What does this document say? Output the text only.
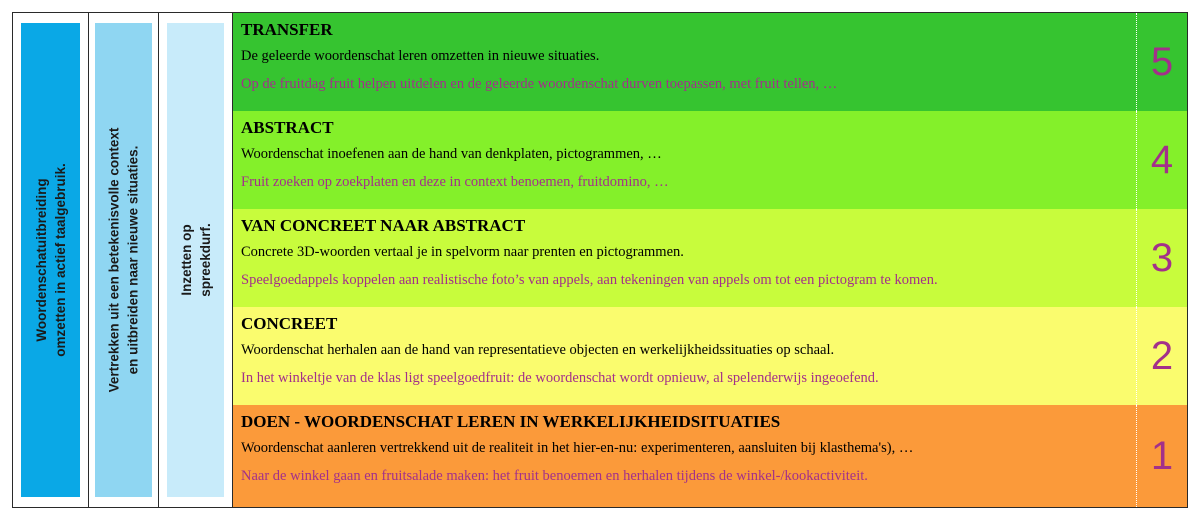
Woordenschatuitbreiding
omzetten in actief taalgebruik.
Vertrekken uit een betekenisvolle context
en uitbreiden naar nieuwe situaties.
Inzetten op
spreekdurf.
TRANSFER
De geleerde woordenschat leren omzetten in nieuwe situaties.
Op de fruitdag fruit helpen uitdelen en de geleerde woordenschat durven toepassen, met fruit tellen, …
5
ABSTRACT
Woordenschat inoefenen aan de hand van denkplaten, pictogrammen, …
Fruit zoeken op zoekplaten en deze in context benoemen, fruitdomino, …
4
VAN CONCREET NAAR ABSTRACT
Concrete 3D-woorden vertaal je in spelvorm naar prenten en pictogrammen.
Speelgoedappels koppelen aan realistische foto’s van appels, aan tekeningen van appels om tot een pictogram te komen.
3
CONCREET
Woordenschat herhalen aan de hand van representatieve objecten en werkelijkheidssituaties op schaal.
In het winkeltje van de klas ligt speelgoedfruit: de woordenschat wordt opnieuw, al spelenderwijs ingeoefend.
2
DOEN - WOORDENSCHAT LEREN IN WERKELIJKHEIDSITUATIES
Woordenschat aanleren vertrekkend uit de realiteit in het hier-en-nu: experimenteren, aansluiten bij klasthema's), …
Naar de winkel gaan en fruitsalade maken: het fruit benoemen en herhalen tijdens de winkel-/kookactiviteit.	1
